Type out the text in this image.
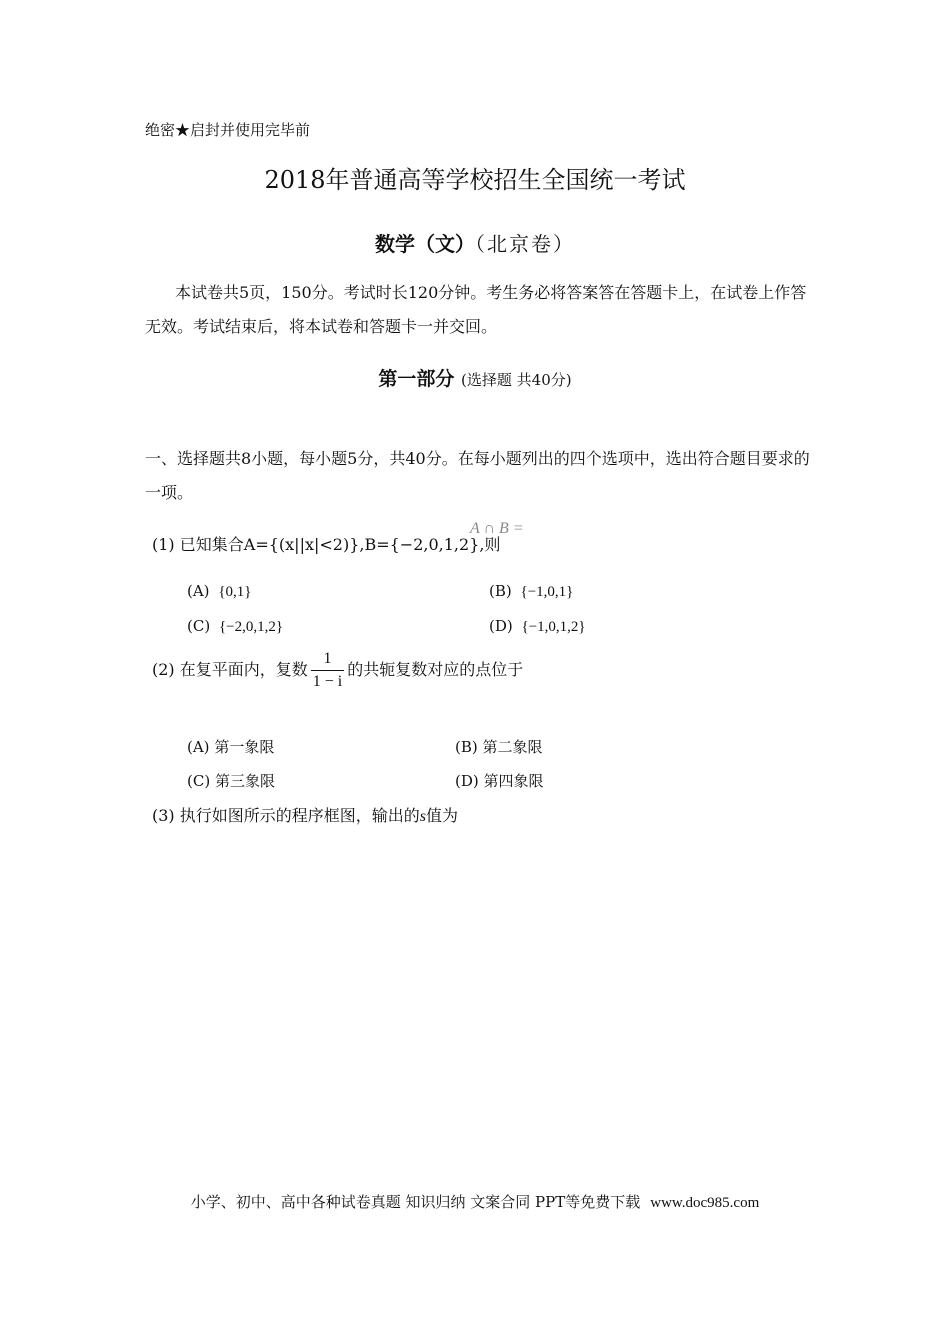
绝密★启封并使用完毕前
2018年普通高等学校招生全国统一考试
数学（文）（北京卷）
本试卷共5页，150分。考试时长120分钟。考生务必将答案答在答题卡上，在试卷上作答无效。考试结束后，将本试卷和答题卡一并交回。
第一部分 (选择题 共40分)
一、选择题共8小题，每小题5分，共40分。在每小题列出的四个选项中，选出符合题目要求的一项。
(1) 已知集合A={(x||x|<2)},B={−2,0,1,2},则
A ∩ B =
(A) {0,1}	(B) {−1,0,1}
(C) {−2,0,1,2}	(D) {−1,0,1,2}
(2) 在复平面内，复数 $\frac{1}{1 - i}$ 的共轭复数对应的点位于
(A) 第一象限	(B) 第二象限
(C) 第三象限	(D) 第四象限
(3) 执行如图所示的程序框图，输出的s值为
小学、初中、高中各种试卷真题 知识归纳 文案合同 PPT等免费下载 www.doc985.com
